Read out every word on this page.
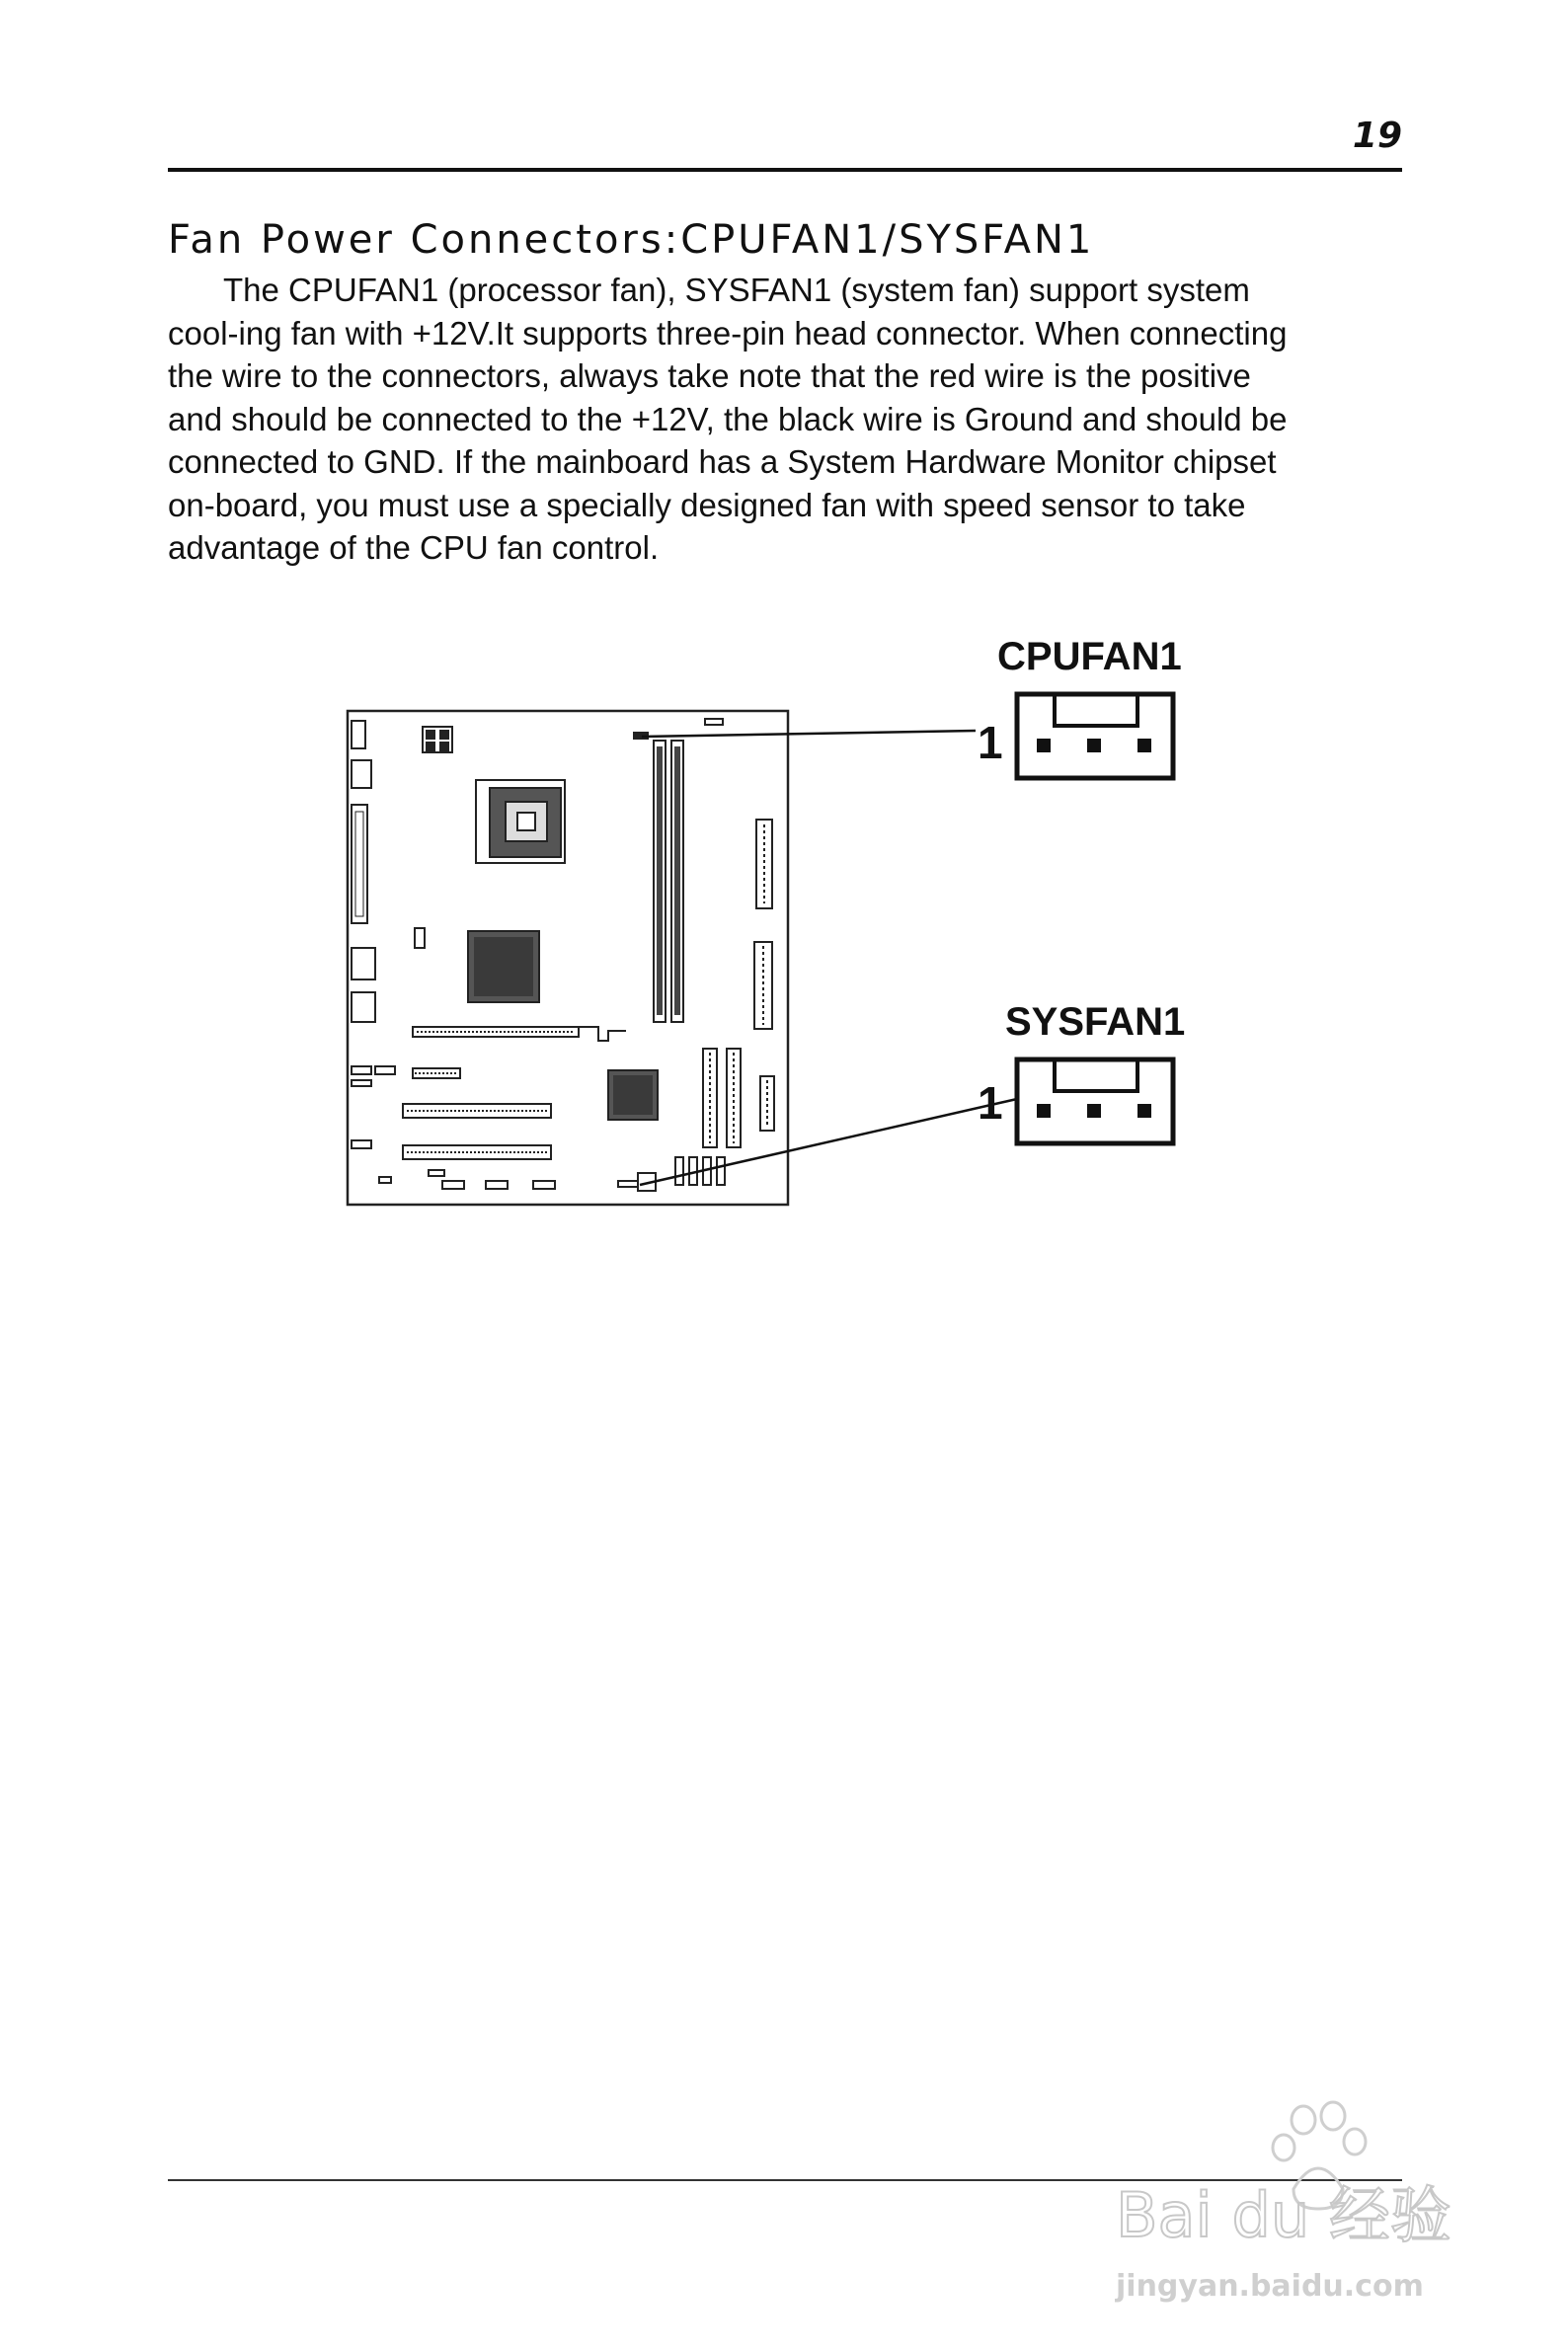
19
Fan Power Connectors:CPUFAN1/SYSFAN1
The CPUFAN1 (processor fan), SYSFAN1 (system fan) support system
cool-ing fan with +12V.It supports three-pin head connector. When connecting
the wire to the connectors, always take note that the red wire is the positive
and should be connected to the +12V, the black wire is Ground and should be
connected to GND. If the mainboard has a System Hardware Monitor chipset
on-board, you must use a specially designed fan with speed sensor to take
advantage of the CPU fan control.
SOCKET 754
CPUFAN1
1
SYSFAN1
1
Bai du 经验
jingyan.baidu.com
